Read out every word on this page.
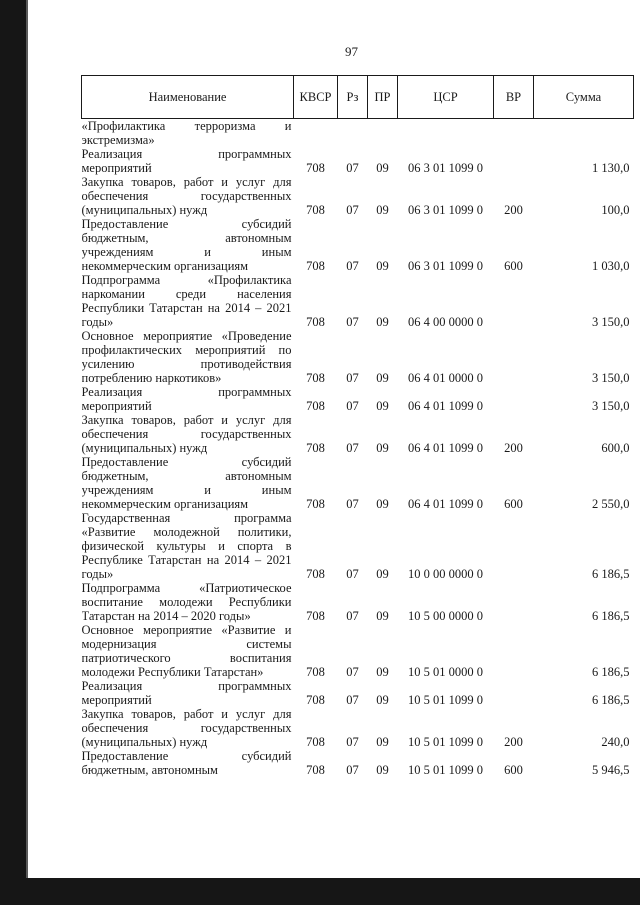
97
Наименование	КВСР	Рз	ПР	ЦСР	ВР	Сумма

«Профилактика терроризма и
экстремизма»						

Реализация программных
мероприятий	708	07	09	06 3 01 1099 0		1 130,0

Закупка товаров, работ и услуг для
обеспечения государственных
(муниципальных) нужд	708	07	09	06 3 01 1099 0	200	100,0

Предоставление субсидий
бюджетным, автономным
учреждениям и иным
некоммерческим организациям	708	07	09	06 3 01 1099 0	600	1 030,0

Подпрограмма «Профилактика
наркомании среди населения
Республики Татарстан на 2014 – 2021
годы»	708	07	09	06 4 00 0000 0		3 150,0

Основное мероприятие «Проведение
профилактических мероприятий по
усилению противодействия
потреблению наркотиков»	708	07	09	06 4 01 0000 0		3 150,0

Реализация программных
мероприятий	708	07	09	06 4 01 1099 0		3 150,0

Закупка товаров, работ и услуг для
обеспечения государственных
(муниципальных) нужд	708	07	09	06 4 01 1099 0	200	600,0

Предоставление субсидий
бюджетным, автономным
учреждениям и иным
некоммерческим организациям	708	07	09	06 4 01 1099 0	600	2 550,0

Государственная программа
«Развитие молодежной политики,
физической культуры и спорта в
Республике Татарстан на 2014 – 2021
годы»	708	07	09	10 0 00 0000 0		6 186,5

Подпрограмма «Патриотическое
воспитание молодежи Республики
Татарстан на 2014 – 2020 годы»	708	07	09	10 5 00 0000 0		6 186,5

Основное мероприятие «Развитие и
модернизация системы
патриотического воспитания
молодежи Республики Татарстан»	708	07	09	10 5 01 0000 0		6 186,5

Реализация программных
мероприятий	708	07	09	10 5 01 1099 0		6 186,5

Закупка товаров, работ и услуг для
обеспечения государственных
(муниципальных) нужд	708	07	09	10 5 01 1099 0	200	240,0

Предоставление субсидий
бюджетным, автономным	708	07	09	10 5 01 1099 0	600	5 946,5
